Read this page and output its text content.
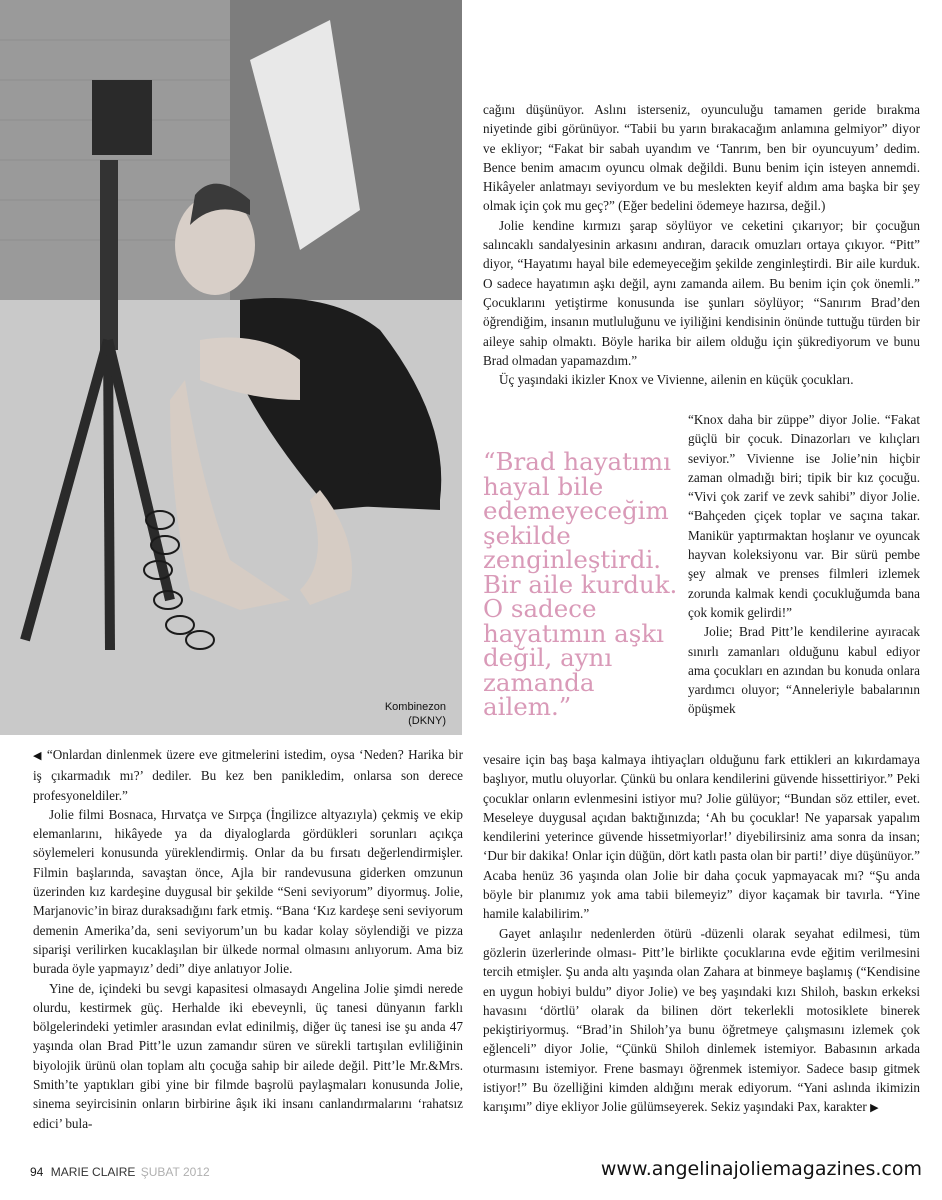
Kombinezon
(DKNY)

cağını düşünüyor. Aslını isterseniz, oyunculuğu tamamen geride bırakma niyetinde gibi görünüyor. “Tabii bu yarın bırakacağım anlamına gelmiyor” diyor ve ekliyor; “Fakat bir sabah uyandım ve ‘Tanrım, ben bir oyuncuyum’ dedim. Bence benim amacım oyuncu olmak değildi. Bunu benim için isteyen annemdi. Hikâyeler anlatmayı seviyordum ve bu meslekten keyif aldım ama başka bir şey olmak için çok mu geç?” (Eğer bedelini ödemeye hazırsa, değil.)

Jolie kendine kırmızı şarap söylüyor ve ceketini çıkarıyor; bir çocuğun salıncaklı sandalyesinin arkasını andıran, daracık omuzları ortaya çıkıyor. “Pitt” diyor, “Hayatımı hayal bile edemeyeceğim şekilde zenginleştirdi. Bir aile kurduk. O sadece hayatımın aşkı değil, aynı zamanda ailem. Bu benim için çok önemli.” Çocuklarını yetiştirme konusunda ise şunları söylüyor; “Sanırım Brad’den öğrendiğim, insanın mutluluğunu ve iyiliğini kendisinin önünde tuttuğu türden bir aileye sahip olmaktı. Böyle harika bir ailem olduğu için şükrediyorum ve bunu Brad olmadan yapamazdım.”

Üç yaşındaki ikizler Knox ve Vivienne, ailenin en küçük çocukları.

“Brad hayatımı hayal bile edemeyeceğim şekilde zenginleştirdi. Bir aile kurduk. O sadece hayatımın aşkı değil, aynı zamanda ailem.”

“Knox daha bir züppe” diyor Jolie. “Fakat güçlü bir çocuk. Dinazorları ve kılıçları seviyor.” Vivienne ise Jolie’nin hiçbir zaman olmadığı biri; tipik bir kız çocuğu. “Vivi çok zarif ve zevk sahibi” diyor Jolie. “Bahçeden çiçek toplar ve saçına takar. Manikür yaptırmaktan hoşlanır ve oyuncak hayvan koleksiyonu var. Bir sürü pembe şey almak ve prenses filmleri izlemek zorunda kalmak kendi çocukluğumda bana çok komik gelirdi!”

Jolie; Brad Pitt’le kendilerine ayıracak sınırlı zamanları olduğunu kabul ediyor ama çocukları en azından bu konuda onlara yardımcı oluyor; “Anneleriyle babalarının öpüşmek

◀ “Onlardan dinlenmek üzere eve gitmelerini istedim, oysa ‘Neden? Harika bir iş çıkarmadık mı?’ dediler. Bu kez ben panikledim, onlarsa son derece profesyoneldiler.”

Jolie filmi Bosnaca, Hırvatça ve Sırpça (İngilizce altyazıyla) çekmiş ve ekip elemanlarını, hikâyede ya da diyaloglarda gördükleri sorunları açıkça söylemeleri konusunda yüreklendirmiş. Onlar da bu fırsatı değerlendirmişler. Filmin başlarında, savaştan önce, Ajla bir randevusuna giderken omzunun üzerinden kız kardeşine duygusal bir şekilde “Seni seviyorum” diyormuş. Jolie, Marjanovic’in biraz duraksadığını fark etmiş. “Bana ‘Kız kardeşe seni seviyorum demenin Amerika’da, seni seviyorum’un bu kadar kolay söylendiği ve pizza siparişi verilirken kucaklaşılan bir ülkede normal olmasını anlıyorum. Ama biz burada öyle yapmayız’ dedi” diye anlatıyor Jolie.

Yine de, içindeki bu sevgi kapasitesi olmasaydı Angelina Jolie şimdi nerede olurdu, kestirmek güç. Herhalde iki ebeveynli, üç tanesi dünyanın farklı bölgelerindeki yetimler arasından evlat edinilmiş, diğer üç tanesi ise şu anda 47 yaşında olan Brad Pitt’le uzun zamandır süren ve sürekli tartışılan evliliğinin biyolojik ürünü olan toplam altı çocuğa sahip bir ailede değil. Pitt’le Mr.&Mrs. Smith’te yaptıkları gibi yine bir filmde başrolü paylaşmaları konusunda Jolie, sinema seyircisinin onların birbirine âşık iki insanı canlandırmalarını ‘rahatsız edici’ bula-

vesaire için baş başa kalmaya ihtiyaçları olduğunu fark ettikleri an kıkırdamaya başlıyor, mutlu oluyorlar. Çünkü bu onlara kendilerini güvende hissettiriyor.” Peki çocuklar onların evlenmesini istiyor mu? Jolie gülüyor; “Bundan söz ettiler, evet. Meseleye duygusal açıdan baktığınızda; ‘Ah bu çocuklar! Ne yaparsak yapalım kendilerini yeterince güvende hissetmiyorlar!’ diyebilirsiniz ama sonra da insan; ‘Dur bir dakika! Onlar için düğün, dört katlı pasta olan bir parti!’ diye düşünüyor.” Acaba henüz 36 yaşında olan Jolie bir daha çocuk yapmayacak mı? “Şu anda böyle bir planımız yok ama tabii bilemeyiz” diyor kaçamak bir tavırla. “Yine hamile kalabilirim.”

Gayet anlaşılır nedenlerden ötürü -düzenli olarak seyahat edilmesi, tüm gözlerin üzerlerinde olması- Pitt’le birlikte çocuklarına evde eğitim verilmesini tercih etmişler. Şu anda altı yaşında olan Zahara at binmeye başlamış (“Kendisine en uygun hobiyi buldu” diyor Jolie) ve beş yaşındaki kızı Shiloh, baskın erkeksi havasını ‘dörtlü’ olarak da bilinen dört tekerlekli motosiklete binerek pekiştiriyormuş. “Brad’in Shiloh’ya bunu öğretmeye çalışmasını izlemek çok eğlenceli” diyor Jolie, “Çünkü Shiloh dinlemek istemiyor. Babasının arkada oturmasını istemiyor. Frene basmayı öğrenmek istemiyor. Sadece basıp gitmek istiyor!” Bu özelliğini kimden aldığını merak ediyorum. “Yani aslında ikimizin karışımı” diye ekliyor Jolie gülümseyerek. Sekiz yaşındaki Pax, karakter ▶

94 MARIE CLAIRE ŞUBAT 2012	www.angelinajoliemagazines.com
